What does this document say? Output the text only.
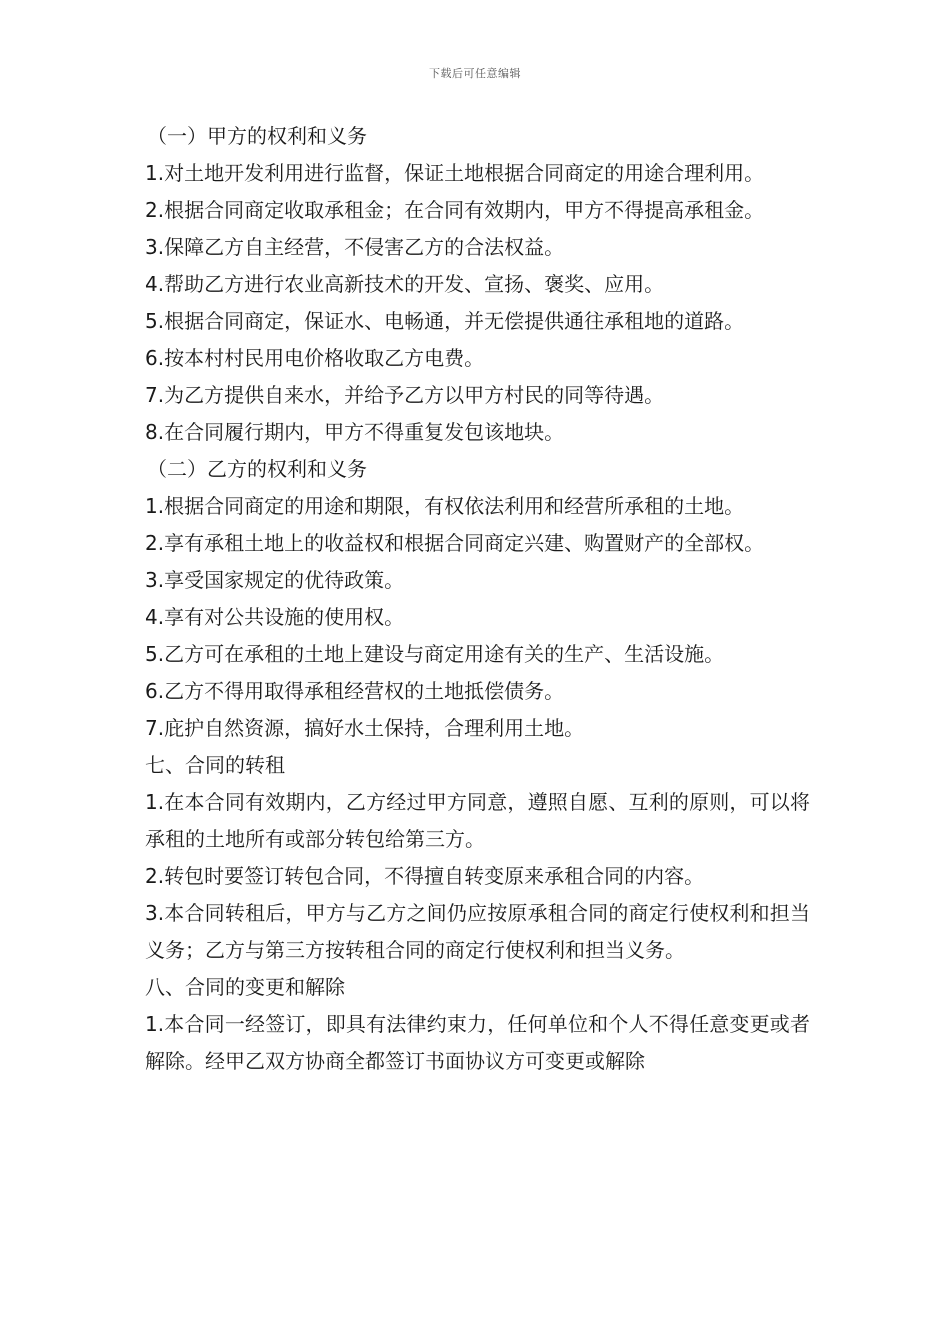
下载后可任意编辑

（一）甲方的权利和义务

1.对土地开发利用进行监督，保证土地根据合同商定的用途合理利用。

2.根据合同商定收取承租金；在合同有效期内，甲方不得提高承租金。

3.保障乙方自主经营，不侵害乙方的合法权益。

4.帮助乙方进行农业高新技术的开发、宣扬、褒奖、应用。

5.根据合同商定，保证水、电畅通，并无偿提供通往承租地的道路。

6.按本村村民用电价格收取乙方电费。

7.为乙方提供自来水，并给予乙方以甲方村民的同等待遇。

8.在合同履行期内，甲方不得重复发包该地块。

（二）乙方的权利和义务

1.根据合同商定的用途和期限，有权依法利用和经营所承租的土地。

2.享有承租土地上的收益权和根据合同商定兴建、购置财产的全部权。

3.享受国家规定的优待政策。

4.享有对公共设施的使用权。

5.乙方可在承租的土地上建设与商定用途有关的生产、生活设施。

6.乙方不得用取得承租经营权的土地抵偿债务。

7.庇护自然资源，搞好水土保持，合理利用土地。

七、合同的转租

1.在本合同有效期内，乙方经过甲方同意，遵照自愿、互利的原则，可以将承租的土地所有或部分转包给第三方。

2.转包时要签订转包合同，不得擅自转变原来承租合同的内容。

3.本合同转租后，甲方与乙方之间仍应按原承租合同的商定行使权利和担当义务；乙方与第三方按转租合同的商定行使权利和担当义务。

八、合同的变更和解除

1.本合同一经签订，即具有法律约束力，任何单位和个人不得任意变更或者解除。经甲乙双方协商全都签订书面协议方可变更或解除
